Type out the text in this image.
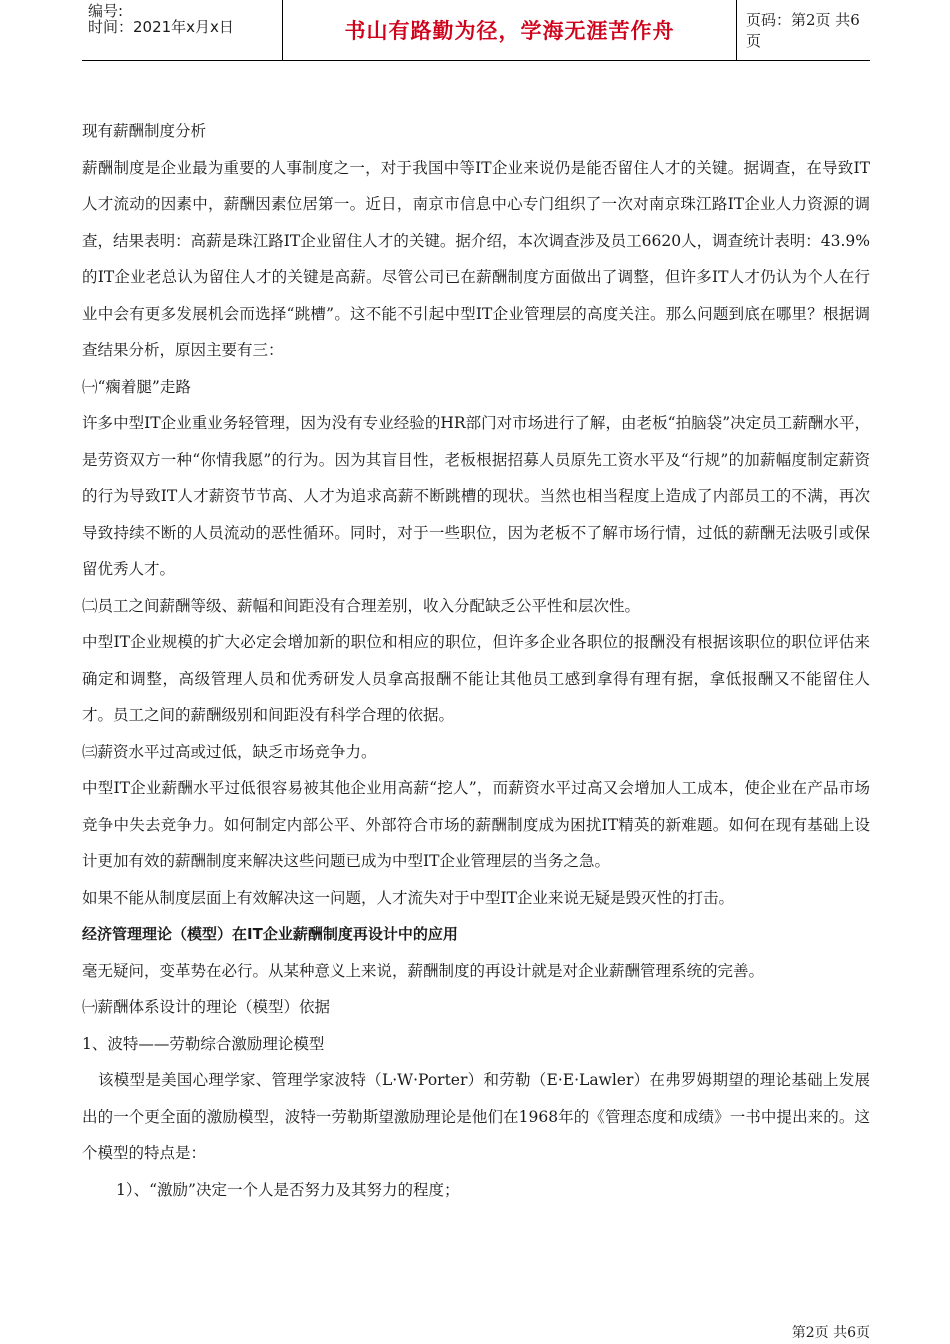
编号:
时间：2021年x月x日	书山有路勤为径，学海无涯苦作舟	页码：第2页 共6页

现有薪酬制度分析

薪酬制度是企业最为重要的人事制度之一，对于我国中等IT企业来说仍是能否留住人才的关键。据调查，在导致IT人才流动的因素中，薪酬因素位居第一。近日，南京市信息中心专门组织了一次对南京珠江路IT企业人力资源的调查，结果表明：高薪是珠江路IT企业留住人才的关键。据介绍，本次调查涉及员工6620人，调查统计表明：43.9%的IT企业老总认为留住人才的关键是高薪。尽管公司已在薪酬制度方面做出了调整，但许多IT人才仍认为个人在行业中会有更多发展机会而选择“跳槽”。这不能不引起中型IT企业管理层的高度关注。那么问题到底在哪里？根据调查结果分析，原因主要有三：

㈠“瘸着腿”走路

许多中型IT企业重业务轻管理，因为没有专业经验的HR部门对市场进行了解，由老板“拍脑袋”决定员工薪酬水平，是劳资双方一种“你情我愿”的行为。因为其盲目性，老板根据招募人员原先工资水平及“行规”的加薪幅度制定薪资的行为导致IT人才薪资节节高、人才为追求高薪不断跳槽的现状。当然也相当程度上造成了内部员工的不满，再次导致持续不断的人员流动的恶性循环。同时，对于一些职位，因为老板不了解市场行情，过低的薪酬无法吸引或保留优秀人才。

㈡员工之间薪酬等级、薪幅和间距没有合理差别，收入分配缺乏公平性和层次性。

中型IT企业规模的扩大必定会增加新的职位和相应的职位，但许多企业各职位的报酬没有根据该职位的职位评估来确定和调整，高级管理人员和优秀研发人员拿高报酬不能让其他员工感到拿得有理有据，拿低报酬又不能留住人才。员工之间的薪酬级别和间距没有科学合理的依据。

㈢薪资水平过高或过低，缺乏市场竞争力。

中型IT企业薪酬水平过低很容易被其他企业用高薪“挖人”，而薪资水平过高又会增加人工成本，使企业在产品市场竞争中失去竞争力。如何制定内部公平、外部符合市场的薪酬制度成为困扰IT精英的新难题。如何在现有基础上设计更加有效的薪酬制度来解决这些问题已成为中型IT企业管理层的当务之急。

如果不能从制度层面上有效解决这一问题，人才流失对于中型IT企业来说无疑是毁灭性的打击。

经济管理理论（模型）在IT企业薪酬制度再设计中的应用

毫无疑问，变革势在必行。从某种意义上来说，薪酬制度的再设计就是对企业薪酬管理系统的完善。

㈠薪酬体系设计的理论（模型）依据

1、波特——劳勒综合激励理论模型

该模型是美国心理学家、管理学家波特（L·W·Porter）和劳勒（E·E·Lawler）在弗罗姆期望的理论基础上发展出的一个更全面的激励模型，波特一劳勒斯望激励理论是他们在1968年的《管理态度和成绩》一书中提出来的。这个模型的特点是：

1）、“激励”决定一个人是否努力及其努力的程度；

第2页 共6页
